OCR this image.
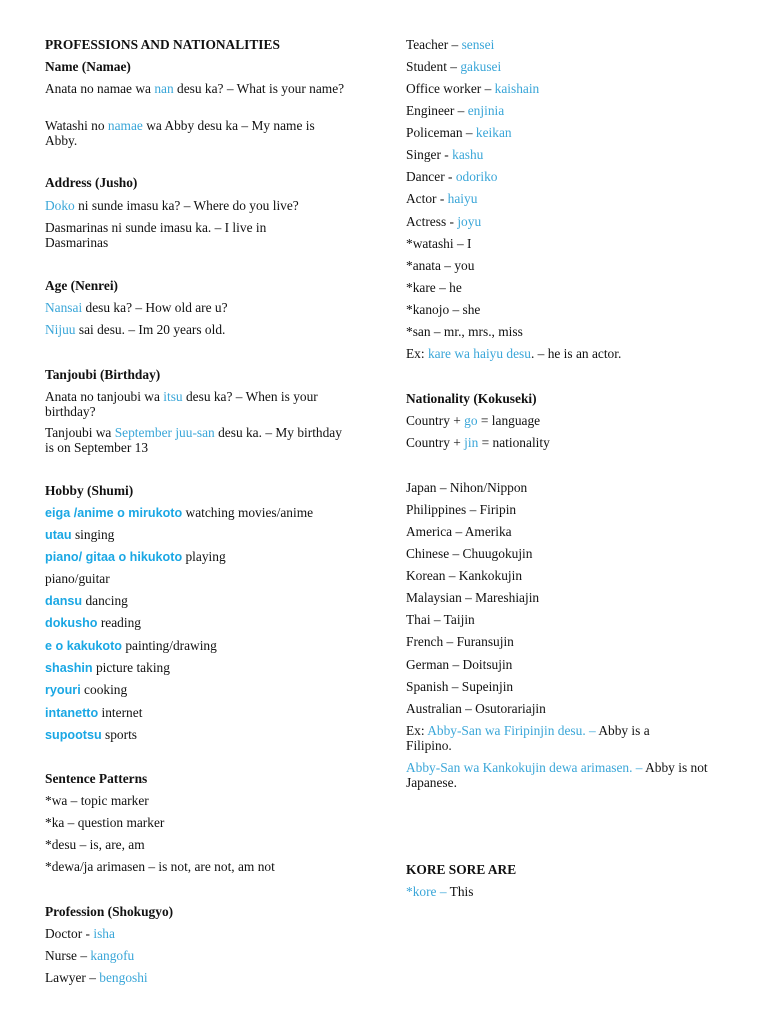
PROFESSIONS AND NATIONALITIES
Name (Namae)
Anata no namae wa nan desu ka? – What is your name?
Watashi no namae wa Abby desu ka – My name is Abby.
Address (Jusho)
Doko ni sunde imasu ka? – Where do you live?
Dasmarinas ni sunde imasu ka. – I live in Dasmarinas
Age (Nenrei)
Nansai desu ka? – How old are u?
Nijuu sai desu. – Im 20 years old.
Tanjoubi (Birthday)
Anata no tanjoubi wa itsu desu ka? – When is your birthday?
Tanjoubi wa September juu-san desu ka. – My birthday is on September 13
Hobby (Shumi)
eiga /anime o mirukoto watching movies/anime
utau singing
piano/ gitaa o hikukoto playing
piano/guitar
dansu dancing
dokusho reading
e o kakukoto painting/drawing
shashin picture taking
ryouri cooking
intanetto internet
supootsu sports
Sentence Patterns
*wa – topic marker
*ka – question marker
*desu – is, are, am
*dewa/ja arimasen – is not, are not, am not
Profession (Shokugyo)
Doctor - isha
Nurse – kangofu
Lawyer – bengoshi
Teacher – sensei
Student – gakusei
Office worker – kaishain
Engineer – enjinia
Policeman – keikan
Singer - kashu
Dancer - odoriko
Actor - haiyu
Actress - joyu
*watashi – I
*anata – you
*kare – he
*kanojo – she
*san – mr., mrs., miss
Ex: kare wa haiyu desu. – he is an actor.
Nationality (Kokuseki)
Country + go = language
Country + jin = nationality
Japan – Nihon/Nippon
Philippines – Firipin
America – Amerika
Chinese – Chuugokujin
Korean – Kankokujin
Malaysian – Mareshiajin
Thai – Taijin
French – Furansujin
German – Doitsujin
Spanish – Supeinjin
Australian – Osutorariajin
Ex: Abby-San wa Firipinjin desu. – Abby is a Filipino.
Abby-San wa Kankokujin dewa arimasen. – Abby is not Japanese.
KORE SORE ARE
*kore – This
